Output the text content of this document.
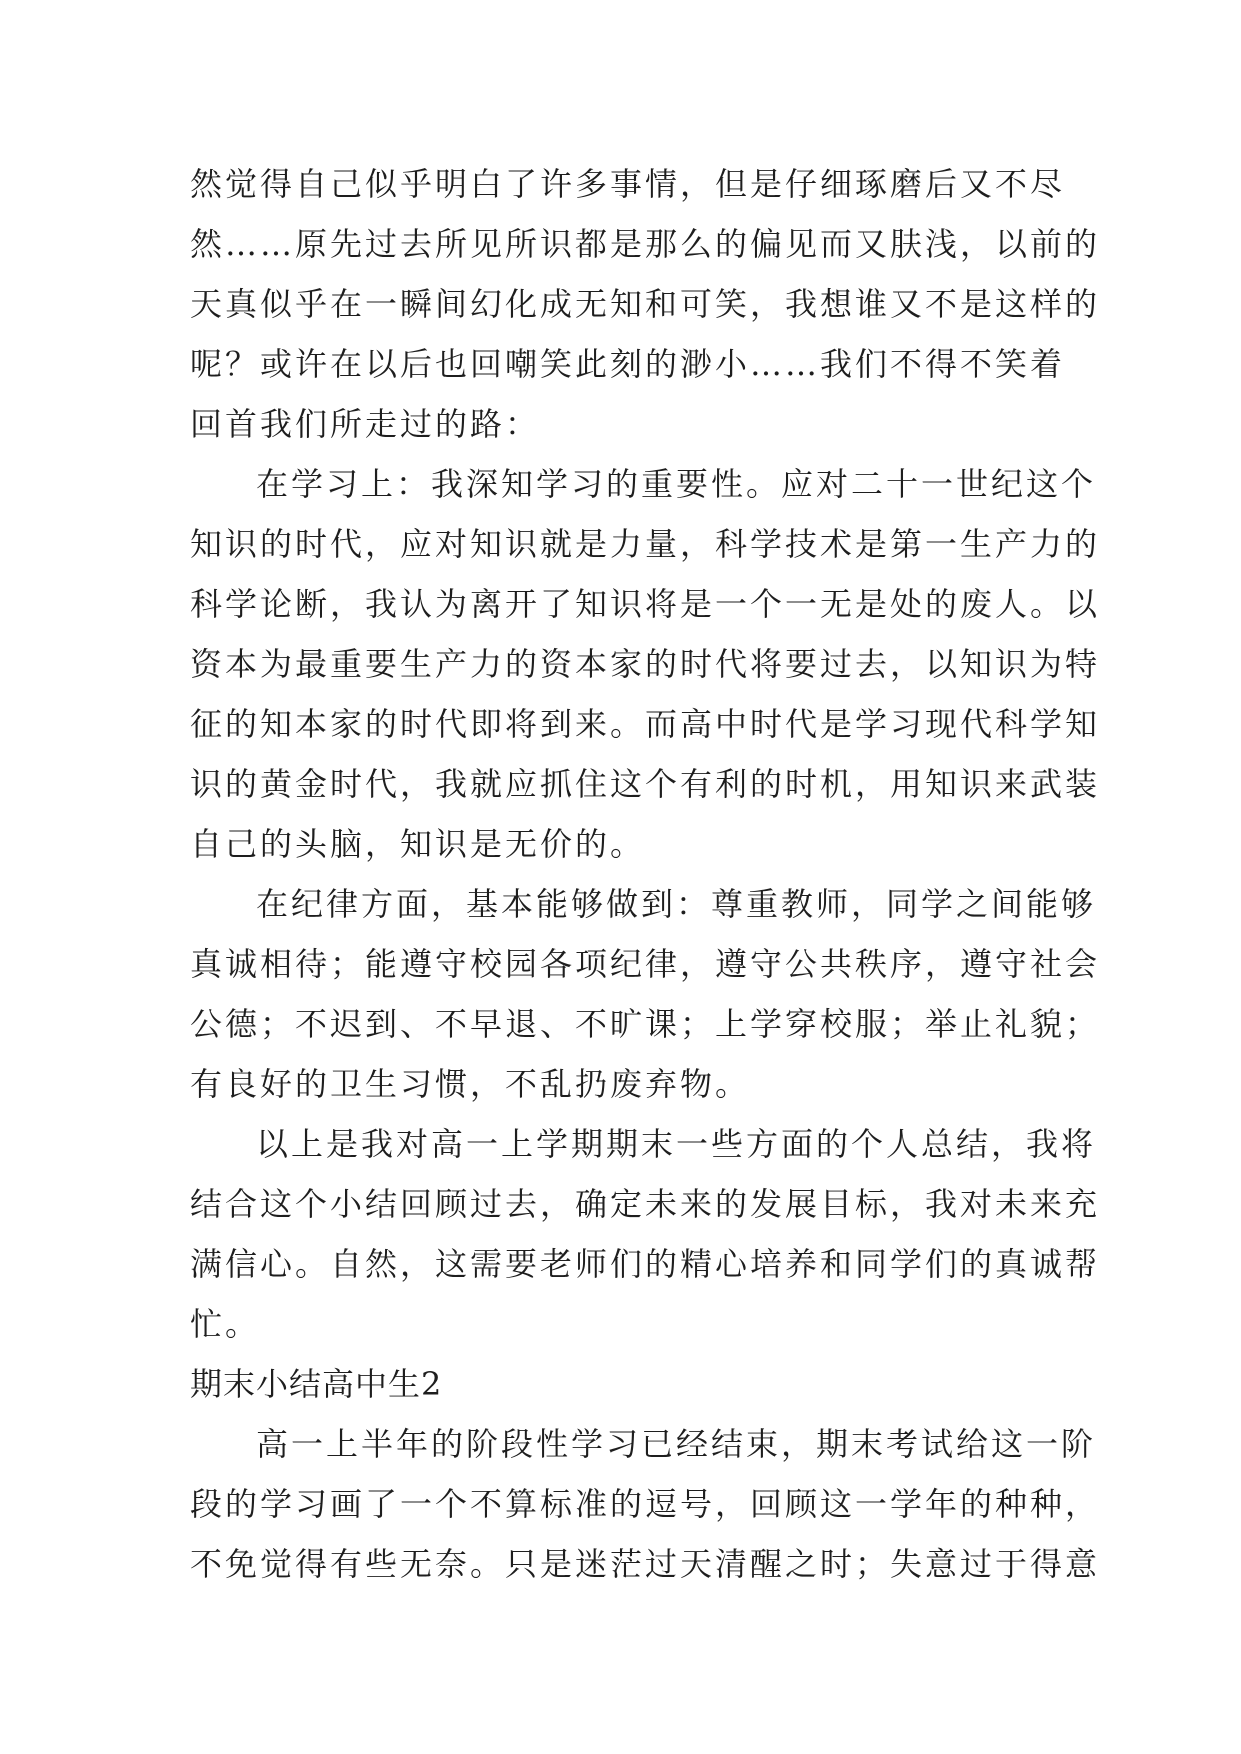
然觉得自己似乎明白了许多事情，但是仔细琢磨后又不尽
然……原先过去所见所识都是那么的偏见而又肤浅，以前的
天真似乎在一瞬间幻化成无知和可笑，我想谁又不是这样的
呢？或许在以后也回嘲笑此刻的渺小……我们不得不笑着
回首我们所走过的路：
在学习上：我深知学习的重要性。应对二十一世纪这个
知识的时代，应对知识就是力量，科学技术是第一生产力的
科学论断，我认为离开了知识将是一个一无是处的废人。以
资本为最重要生产力的资本家的时代将要过去，以知识为特
征的知本家的时代即将到来。而高中时代是学习现代科学知
识的黄金时代，我就应抓住这个有利的时机，用知识来武装
自己的头脑，知识是无价的。
在纪律方面，基本能够做到：尊重教师，同学之间能够
真诚相待；能遵守校园各项纪律，遵守公共秩序，遵守社会
公德；不迟到、不早退、不旷课；上学穿校服；举止礼貌；
有良好的卫生习惯，不乱扔废弃物。
以上是我对高一上学期期末一些方面的个人总结，我将
结合这个小结回顾过去，确定未来的发展目标，我对未来充
满信心。自然，这需要老师们的精心培养和同学们的真诚帮
忙。
期末小结高中生2
高一上半年的阶段性学习已经结束，期末考试给这一阶
段的学习画了一个不算标准的逗号，回顾这一学年的种种，
不免觉得有些无奈。只是迷茫过天清醒之时；失意过于得意
